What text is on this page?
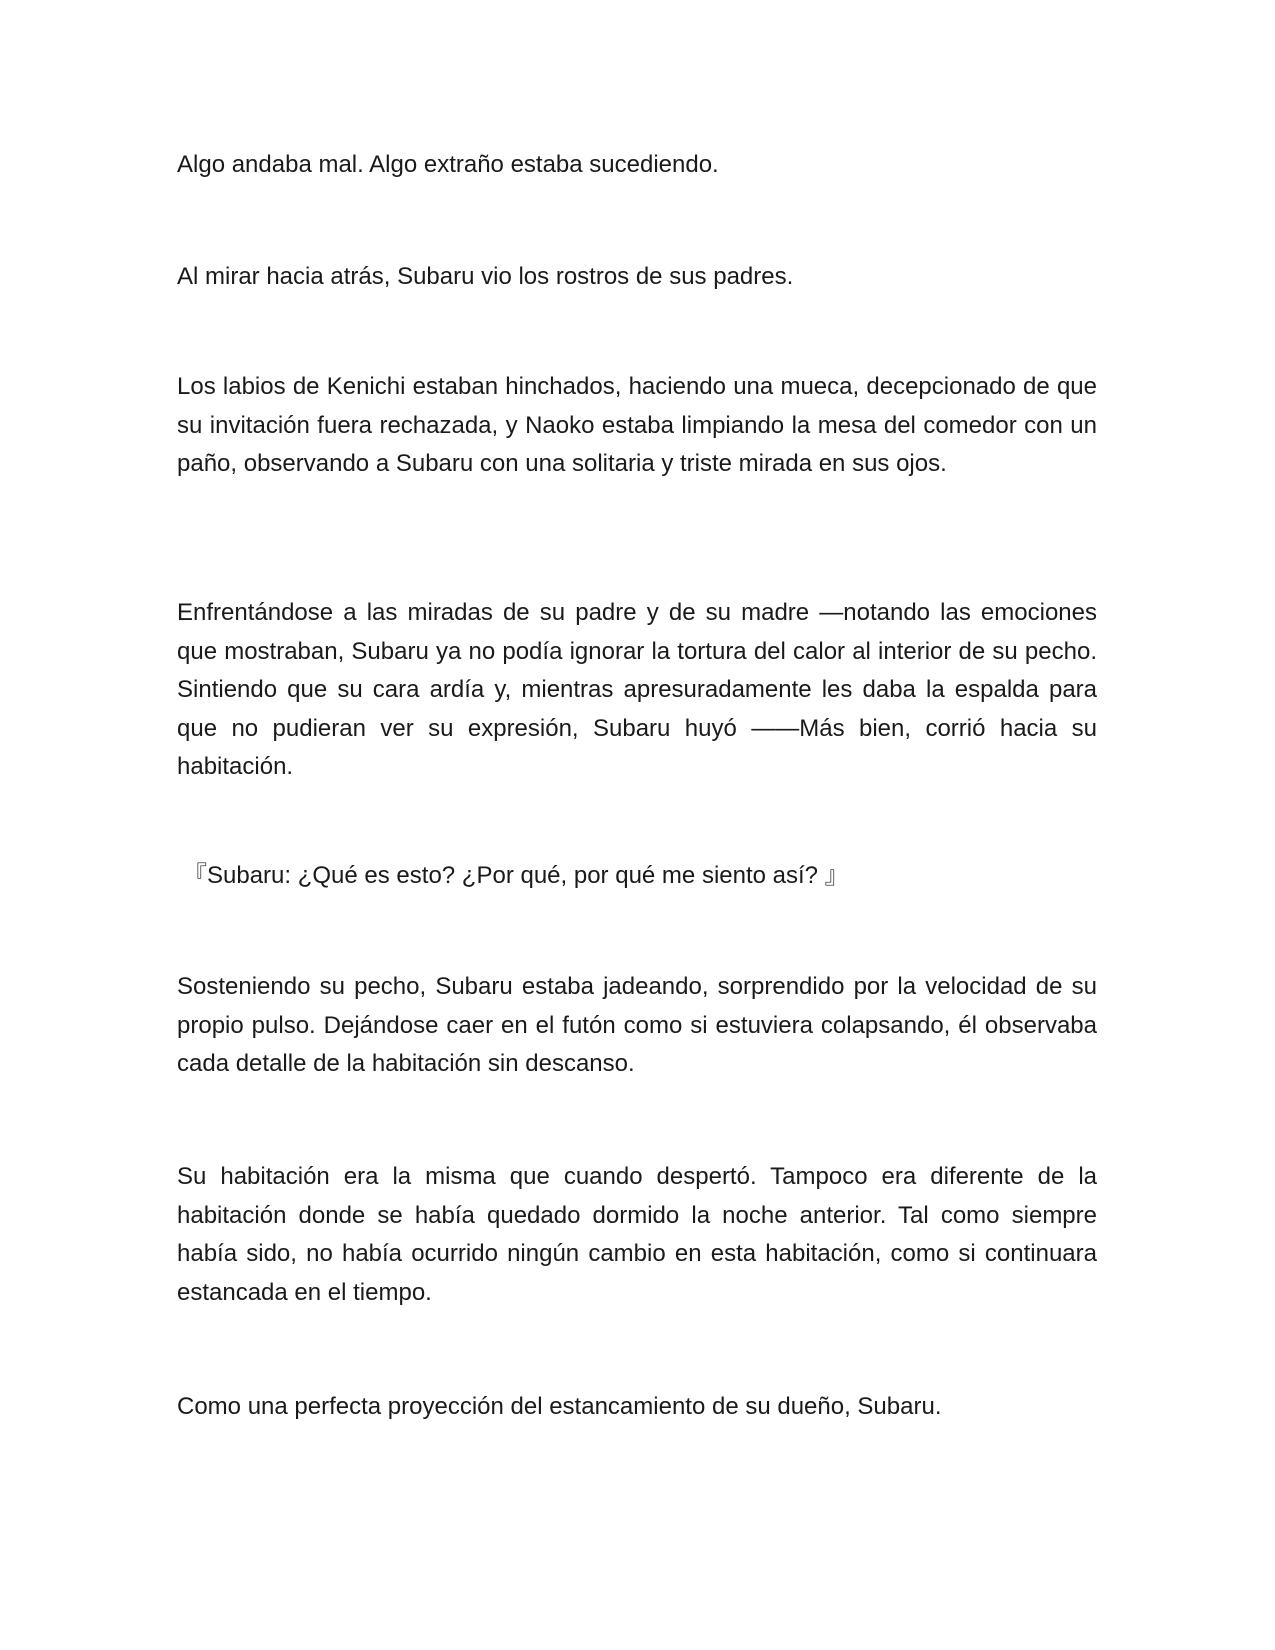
Algo andaba mal. Algo extraño estaba sucediendo.

Al mirar hacia atrás, Subaru vio los rostros de sus padres.

Los labios de Kenichi estaban hinchados, haciendo una mueca, decepcionado de que su invitación fuera rechazada, y Naoko estaba limpiando la mesa del comedor con un paño, observando a Subaru con una solitaria y triste mirada en sus ojos.

Enfrentándose a las miradas de su padre y de su madre —notando las emociones que mostraban, Subaru ya no podía ignorar la tortura del calor al interior de su pecho. Sintiendo que su cara ardía y, mientras apresuradamente les daba la espalda para que no pudieran ver su expresión, Subaru huyó ——Más bien, corrió hacia su habitación.

『Subaru: ¿Qué es esto? ¿Por qué, por qué me siento así? 』

Sosteniendo su pecho, Subaru estaba jadeando, sorprendido por la velocidad de su propio pulso. Dejándose caer en el futón como si estuviera colapsando, él observaba cada detalle de la habitación sin descanso.

Su habitación era la misma que cuando despertó. Tampoco era diferente de la habitación donde se había quedado dormido la noche anterior. Tal como siempre había sido, no había ocurrido ningún cambio en esta habitación, como si continuara estancada en el tiempo.

Como una perfecta proyección del estancamiento de su dueño, Subaru.
